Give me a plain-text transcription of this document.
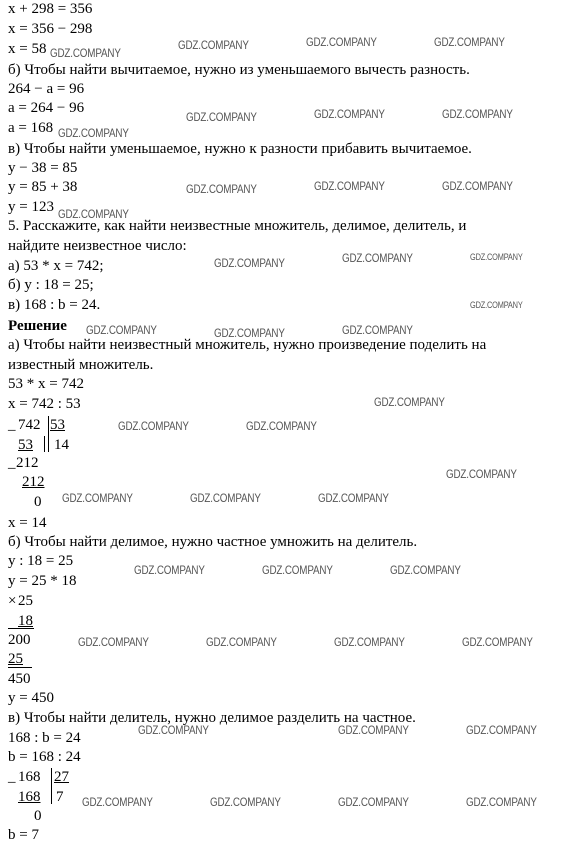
x + 298 = 356
x = 356 − 298
x = 58
б) Чтобы найти вычитаемое, нужно из уменьшаемого вычесть разность.
264 − a = 96
a = 264 − 96
a = 168
в) Чтобы найти уменьшаемое, нужно к разности прибавить вычитаемое.
y − 38 = 85
y = 85 + 38
y = 123
5. Расскажите, как найти неизвестные множитель, делимое, делитель, и
найдите неизвестное число:
а) 53 * x = 742;
б) y : 18 = 25;
в) 168 : b = 24.
Решение
а) Чтобы найти неизвестный множитель, нужно произведение поделить на
известный множитель.
53 * x = 742
x = 742 : 53
_ 742 53
53 14
_ 212
212
0
x = 14
б) Чтобы найти делимое, нужно частное умножить на делитель.
y : 18 = 25
y = 25 * 18
× 25
18
200
25
450
y = 450
в) Чтобы найти делитель, нужно делимое разделить на частное.
168 : b = 24
b = 168 : 24
_ 168 27
168 7
0
b = 7
GDZ.COMPANY
GDZ.COMPANY	GDZ.COMPANY	GDZ.COMPANY
GDZ.COMPANY	GDZ.COMPANY	GDZ.COMPANY
GDZ.COMPANY
GDZ.COMPANY	GDZ.COMPANY	GDZ.COMPANY
GDZ.COMPANY
GDZ.COMPANY	GDZ.COMPANY	GDZ.COMPANY
GDZ.COMPANY
GDZ.COMPANY	GDZ.COMPANY	GDZ.COMPANY
GDZ.COMPANY
GDZ.COMPANY	GDZ.COMPANY
GDZ.COMPANY
GDZ.COMPANY	GDZ.COMPANY	GDZ.COMPANY
GDZ.COMPANY	GDZ.COMPANY	GDZ.COMPANY
GDZ.COMPANY	GDZ.COMPANY	GDZ.COMPANY	GDZ.COMPANY
GDZ.COMPANY	GDZ.COMPANY	GDZ.COMPANY
GDZ.COMPANY	GDZ.COMPANY	GDZ.COMPANY	GDZ.COMPANY
